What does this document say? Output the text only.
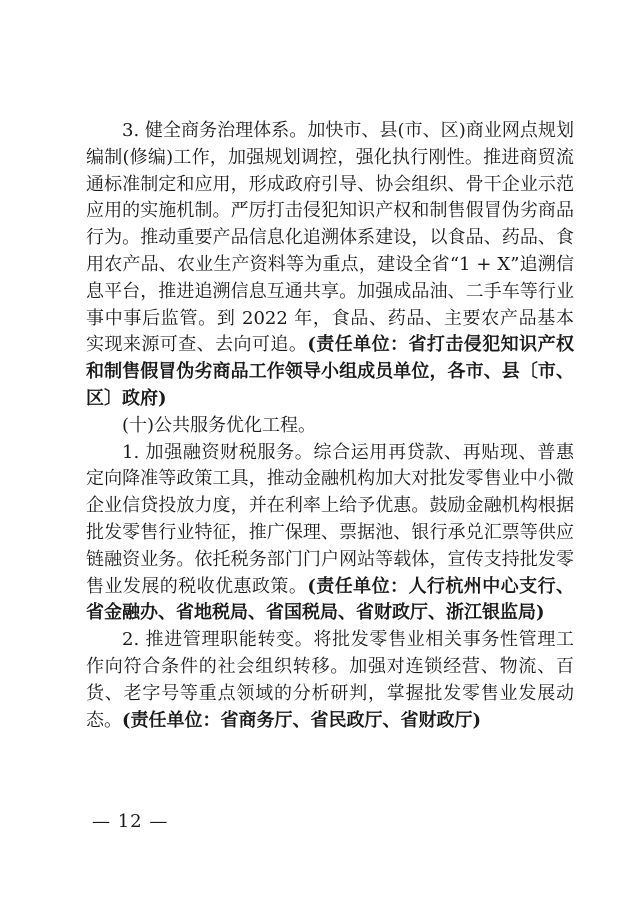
3. 健全商务治理体系。加快市、县(市、区)商业网点规划编制(修编)工作，加强规划调控，强化执行刚性。推进商贸流通标准制定和应用，形成政府引导、协会组织、骨干企业示范应用的实施机制。严厉打击侵犯知识产权和制售假冒伪劣商品行为。推动重要产品信息化追溯体系建设，以食品、药品、食用农产品、农业生产资料等为重点，建设全省“1 + X”追溯信息平台，推进追溯信息互通共享。加强成品油、二手车等行业事中事后监管。到 2022 年，食品、药品、主要农产品基本实现来源可查、去向可追。(责任单位：省打击侵犯知识产权和制售假冒伪劣商品工作领导小组成员单位，各市、县〔市、区〕政府)

(十)公共服务优化工程。

1. 加强融资财税服务。综合运用再贷款、再贴现、普惠定向降准等政策工具，推动金融机构加大对批发零售业中小微企业信贷投放力度，并在利率上给予优惠。鼓励金融机构根据批发零售行业特征，推广保理、票据池、银行承兑汇票等供应链融资业务。依托税务部门门户网站等载体，宣传支持批发零售业发展的税收优惠政策。(责任单位：人行杭州中心支行、省金融办、省地税局、省国税局、省财政厅、浙江银监局)

2. 推进管理职能转变。将批发零售业相关事务性管理工作向符合条件的社会组织转移。加强对连锁经营、物流、百货、老字号等重点领域的分析研判，掌握批发零售业发展动态。(责任单位：省商务厅、省民政厅、省财政厅)

— 12 —
